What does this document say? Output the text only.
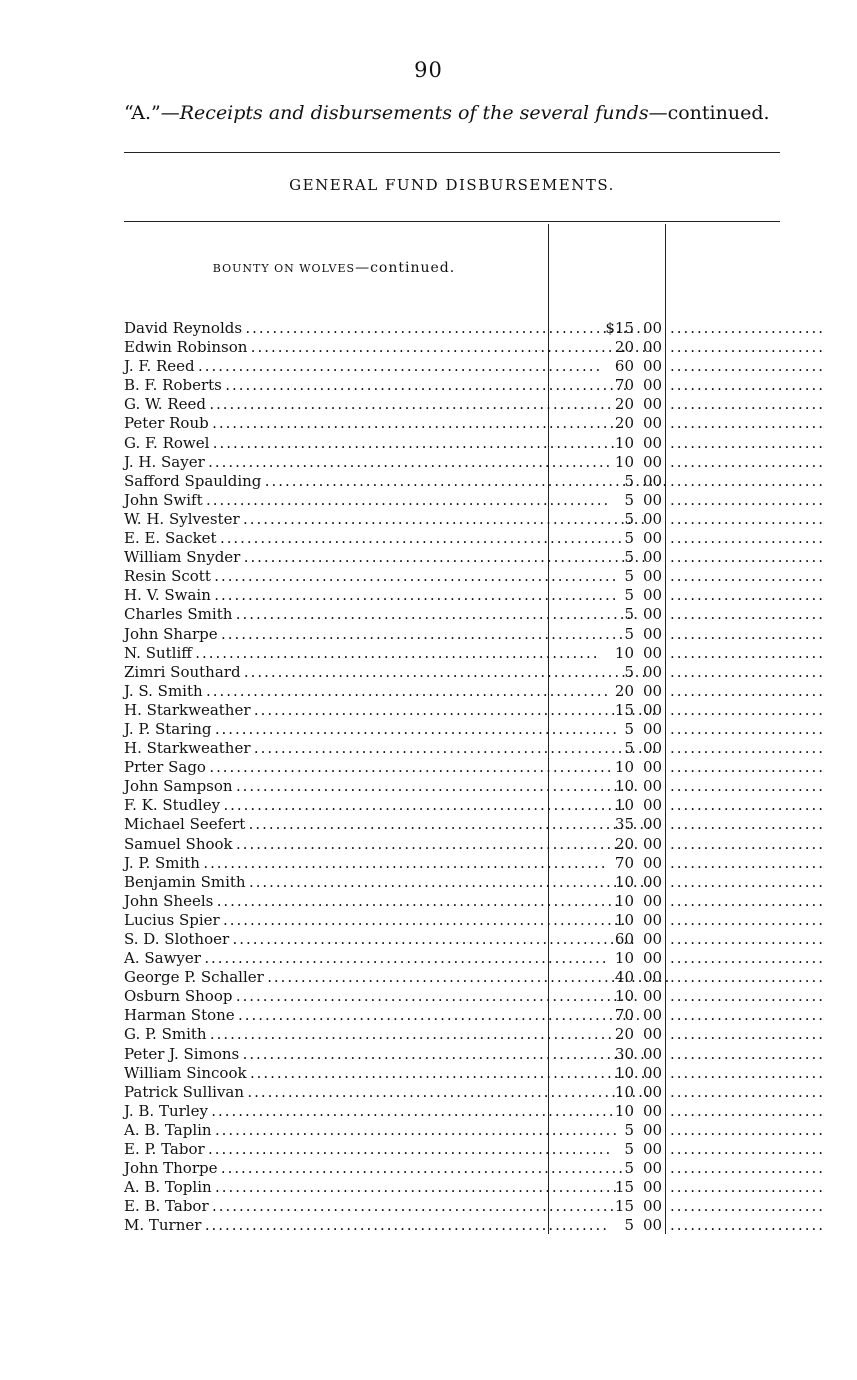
90
“A.”—Receipts and disbursements of the several funds—continued.
GENERAL FUND DISBURSEMENTS.
BOUNTY ON WOLVES—continued.
David Reynolds . . .	$15 00 . . . . . . . . . . . . . . . . . . . . . . .
Edwin Robinson . . .	20 00 . . . . . . . . . . . . . . . . . . . . . . .
J. F. Reed . . .	60 00 . . . . . . . . . . . . . . . . . . . . . . .
B. F. Roberts . . .	70 00 . . . . . . . . . . . . . . . . . . . . . . .
G. W. Reed . . .	20 00 . . . . . . . . . . . . . . . . . . . . . . .
Peter Roub . . .	20 00 . . . . . . . . . . . . . . . . . . . . . . .
G. F. Rowel . . .	10 00 . . . . . . . . . . . . . . . . . . . . . . .
J. H. Sayer . . .	10 00 . . . . . . . . . . . . . . . . . . . . . . .
Safford Spaulding . . .	5 00 . . . . . . . . . . . . . . . . . . . . . . .
John Swift . . .	5 00 . . . . . . . . . . . . . . . . . . . . . . .
W. H. Sylvester . . .	5 00 . . . . . . . . . . . . . . . . . . . . . . .
E. E. Sacket . . .	5 00 . . . . . . . . . . . . . . . . . . . . . . .
William Snyder . . .	5 00 . . . . . . . . . . . . . . . . . . . . . . .
Resin Scott . . .	5 00 . . . . . . . . . . . . . . . . . . . . . . .
H. V. Swain . . .	5 00 . . . . . . . . . . . . . . . . . . . . . . .
Charles Smith . . .	5 00 . . . . . . . . . . . . . . . . . . . . . . .
John Sharpe . . .	5 00 . . . . . . . . . . . . . . . . . . . . . . .
N. Sutliff . . .	10 00 . . . . . . . . . . . . . . . . . . . . . . .
Zimri Southard . . .	5 00 . . . . . . . . . . . . . . . . . . . . . . .
J. S. Smith . . .	20 00 . . . . . . . . . . . . . . . . . . . . . . .
H. Starkweather . . .	15 00 . . . . . . . . . . . . . . . . . . . . . . .
J. P. Staring . . .	5 00 . . . . . . . . . . . . . . . . . . . . . . .
H. Starkweather . . .	5 00 . . . . . . . . . . . . . . . . . . . . . . .
Prter Sago . . .	10 00 . . . . . . . . . . . . . . . . . . . . . . .
John Sampson . . .	10 00 . . . . . . . . . . . . . . . . . . . . . . .
F. K. Studley . . .	10 00 . . . . . . . . . . . . . . . . . . . . . . .
Michael Seefert . . .	35 00 . . . . . . . . . . . . . . . . . . . . . . .
Samuel Shook . . .	20 00 . . . . . . . . . . . . . . . . . . . . . . .
J. P. Smith . . .	70 00 . . . . . . . . . . . . . . . . . . . . . . .
Benjamin Smith . . .	10 00 . . . . . . . . . . . . . . . . . . . . . . .
John Sheels . . .	10 00 . . . . . . . . . . . . . . . . . . . . . . .
Lucius Spier . . .	10 00 . . . . . . . . . . . . . . . . . . . . . . .
S. D. Slothoer . . .	60 00 . . . . . . . . . . . . . . . . . . . . . . .
A. Sawyer . . .	10 00 . . . . . . . . . . . . . . . . . . . . . . .
George P. Schaller . . .	40 00 . . . . . . . . . . . . . . . . . . . . . . .
Osburn Shoop . . .	10 00 . . . . . . . . . . . . . . . . . . . . . . .
Harman Stone . . .	70 00 . . . . . . . . . . . . . . . . . . . . . . .
G. P. Smith . . .	20 00 . . . . . . . . . . . . . . . . . . . . . . .
Peter J. Simons . . .	30 00 . . . . . . . . . . . . . . . . . . . . . . .
William Sincook . . .	10 00 . . . . . . . . . . . . . . . . . . . . . . .
Patrick Sullivan . . .	10 00 . . . . . . . . . . . . . . . . . . . . . . .
J. B. Turley . . .	10 00 . . . . . . . . . . . . . . . . . . . . . . .
A. B. Taplin . . .	5 00 . . . . . . . . . . . . . . . . . . . . . . .
E. P. Tabor . . .	5 00 . . . . . . . . . . . . . . . . . . . . . . .
John Thorpe . . .	5 00 . . . . . . . . . . . . . . . . . . . . . . .
A. B. Toplin . . .	15 00 . . . . . . . . . . . . . . . . . . . . . . .
E. B. Tabor . . .	15 00 . . . . . . . . . . . . . . . . . . . . . . .
M. Turner . . .	5 00 . . . . . . . . . . . . . . . . . . . . . . .
